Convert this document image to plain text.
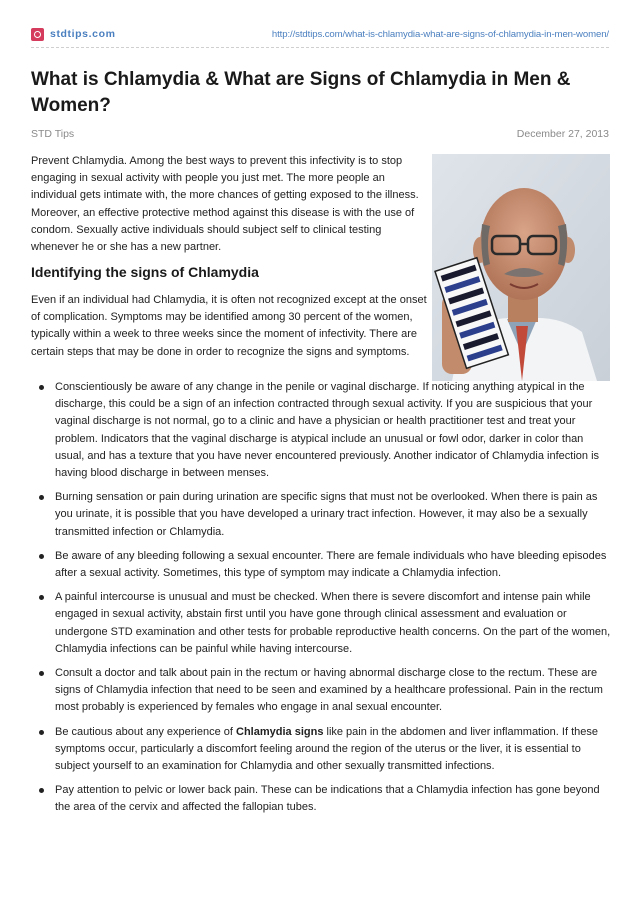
stdtips.com	http://stdtips.com/what-is-chlamydia-what-are-signs-of-chlamydia-in-men-women/
What is Chlamydia & What are Signs of Chlamydia in Men & Women?
STD Tips	December 27, 2013

Prevent Chlamydia. Among the best ways to prevent this infectivity is to stop engaging in sexual activity with people you just met. The more people an individual gets intimate with, the more chances of getting exposed to the illness. Moreover, an effective protective method against this disease is with the use of condom. Sexually active individuals should subject self to clinical testing whenever he or she has a new partner.

Identifying the signs of Chlamydia

Even if an individual had Chlamydia, it is often not recognized except at the onset of complication. Symptoms may be identified among 30 percent of the women, typically within a week to three weeks since the moment of infectivity. There are certain steps that may be done in order to recognize the signs and symptoms.

Conscientiously be aware of any change in the penile or vaginal discharge. If noticing anything atypical in the discharge, this could be a sign of an infection contracted through sexual activity. If you are suspicious that your vaginal discharge is not normal, go to a clinic and have a physician or health practitioner test and treat your problem. Indicators that the vaginal discharge is atypical include an unusual or fowl odor, darker in color than usual, and has a texture that you have never encountered previously. Another indicator of Chlamydia infection is having blood discharge in between menses.
Burning sensation or pain during urination are specific signs that must not be overlooked. When there is pain as you urinate, it is possible that you have developed a urinary tract infection. However, it may also be a sexually transmitted infection or Chlamydia.
Be aware of any bleeding following a sexual encounter. There are female individuals who have bleeding episodes after a sexual activity. Sometimes, this type of symptom may indicate a Chlamydia infection.
A painful intercourse is unusual and must be checked. When there is severe discomfort and intense pain while engaged in sexual activity, abstain first until you have gone through clinical assessment and evaluation or undergone STD examination and other tests for probable reproductive health concerns. On the part of the women, Chlamydia infections can be painful while having intercourse.
Consult a doctor and talk about pain in the rectum or having abnormal discharge close to the rectum. These are signs of Chlamydia infection that need to be seen and examined by a healthcare professional. Pain in the rectum most probably is experienced by females who engage in anal sexual encounter.
Be cautious about any experience of Chlamydia signs like pain in the abdomen and liver inflammation. If these symptoms occur, particularly a discomfort feeling around the region of the uterus or the liver, it is essential to subject yourself to an examination for Chlamydia and other sexually transmitted infections.
Pay attention to pelvic or lower back pain. These can be indications that a Chlamydia infection has gone beyond the area of the cervix and affected the fallopian tubes.
